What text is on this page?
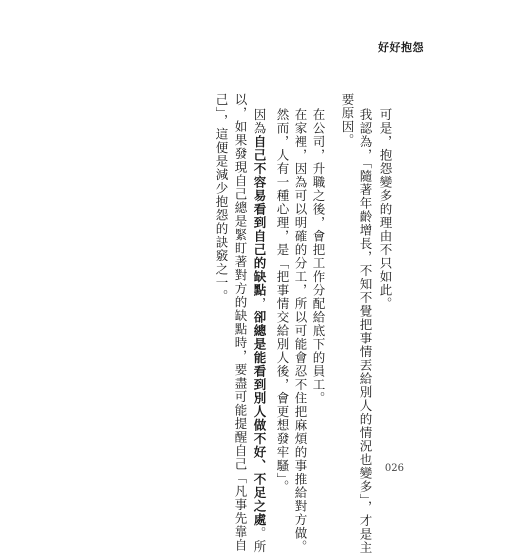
好好抱怨
可是，抱怨變多的理由不只如此。
我認為，「隨著年齡增長，不知不覺把事情丟給別人的情況也變多」，才是主
要原因。
在公司，升職之後，會把工作分配給底下的員工。
在家裡，因為可以明確的分工，所以可能會忍不住把麻煩的事推給對方做。
然而，人有一種心理，是「把事情交給別人後，會更想發牢騷」。
因為自己不容易看到自己的缺點，卻總是能看到別人做不好、不足之處。所
以，如果發現自己總是緊盯著對方的缺點時，要盡可能提醒自己「凡事先靠自
己」，這便是減少抱怨的訣竅之一。
026
